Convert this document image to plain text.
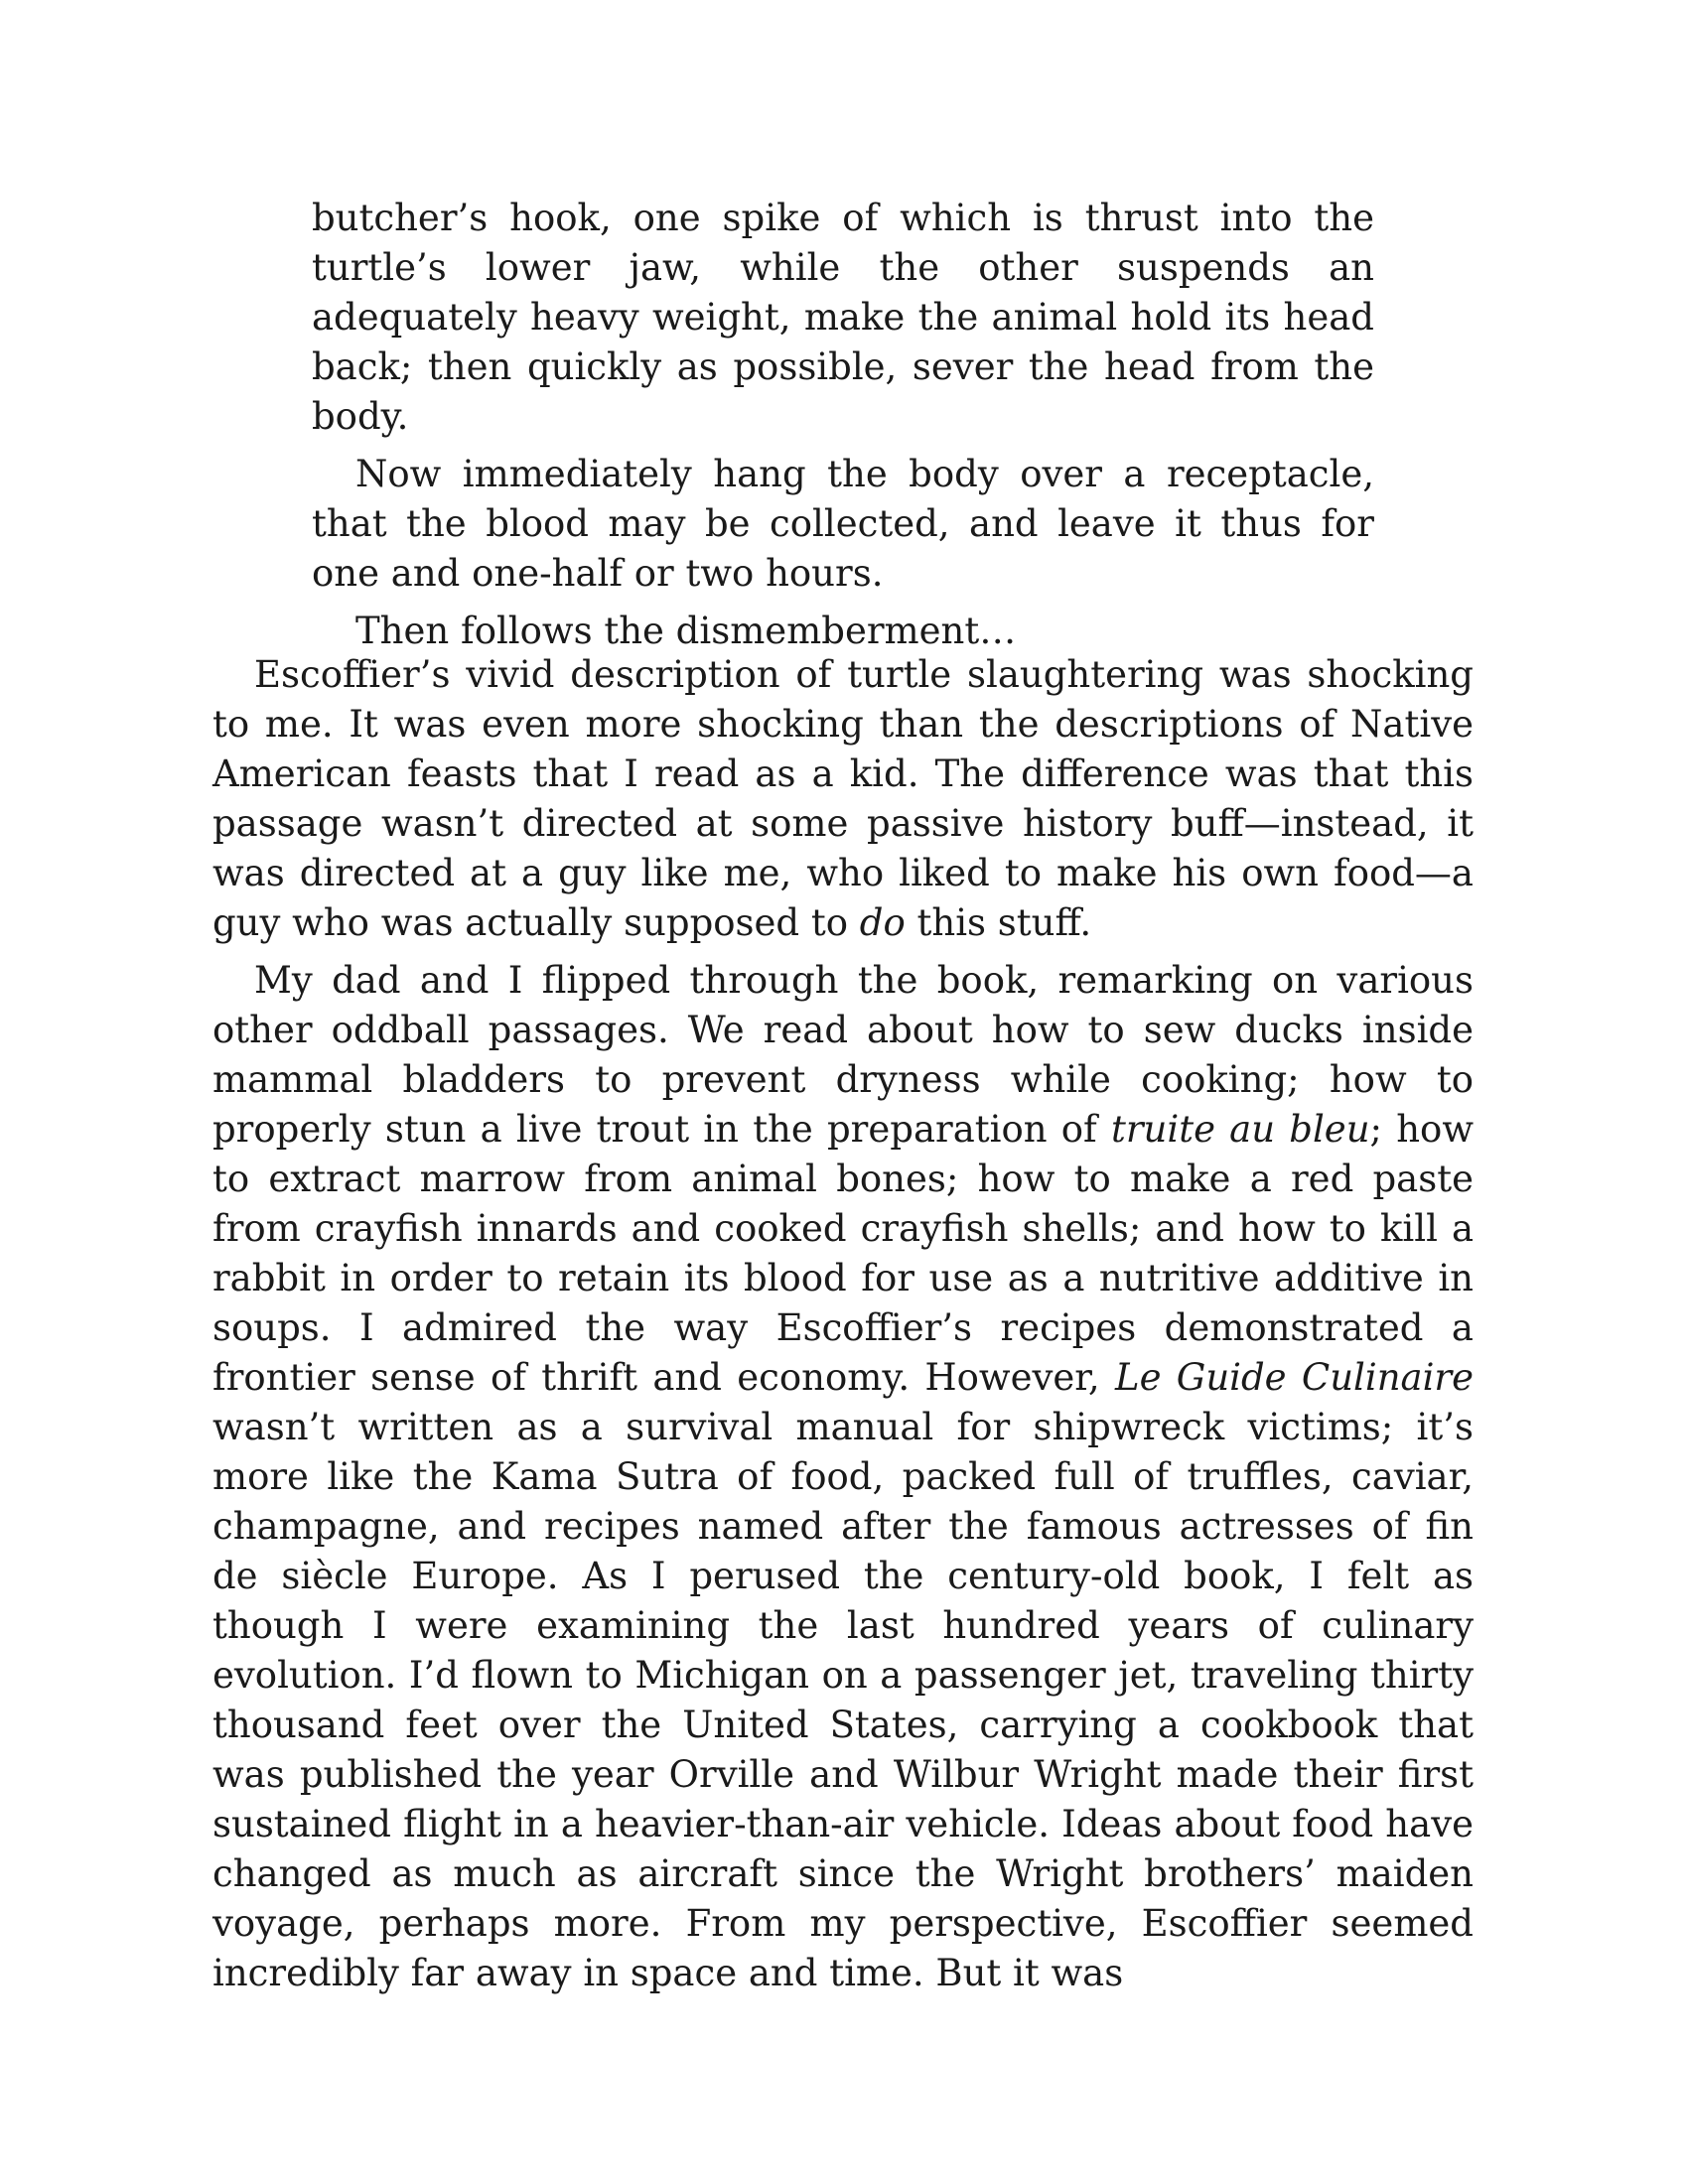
butcher’s hook, one spike of which is thrust into the turtle’s lower jaw, while the other suspends an adequately heavy weight, make the animal hold its head back; then quickly as possible, sever the head from the body.

Now immediately hang the body over a receptacle, that the blood may be collected, and leave it thus for one and one-half or two hours.

Then follows the dismemberment…

Escoffier’s vivid description of turtle slaughtering was shocking to me. It was even more shocking than the descriptions of Native American feasts that I read as a kid. The difference was that this passage wasn’t directed at some passive history buff—instead, it was directed at a guy like me, who liked to make his own food—a guy who was actually supposed to do this stuff.

My dad and I flipped through the book, remarking on various other oddball passages. We read about how to sew ducks inside mammal bladders to prevent dryness while cooking; how to properly stun a live trout in the preparation of truite au bleu; how to extract marrow from animal bones; how to make a red paste from crayfish innards and cooked crayfish shells; and how to kill a rabbit in order to retain its blood for use as a nutritive additive in soups. I admired the way Escoffier’s recipes demonstrated a frontier sense of thrift and economy. However, Le Guide Culinaire wasn’t written as a survival manual for shipwreck victims; it’s more like the Kama Sutra of food, packed full of truffles, caviar, champagne, and recipes named after the famous actresses of fin de siècle Europe. As I perused the century-old book, I felt as though I were examining the last hundred years of culinary evolution. I’d flown to Michigan on a passenger jet, traveling thirty thousand feet over the United States, carrying a cookbook that was published the year Orville and Wilbur Wright made their first sustained flight in a heavier-than-air vehicle. Ideas about food have changed as much as aircraft since the Wright brothers’ maiden voyage, perhaps more. From my perspective, Escoffier seemed incredibly far away in space and time. But it was
